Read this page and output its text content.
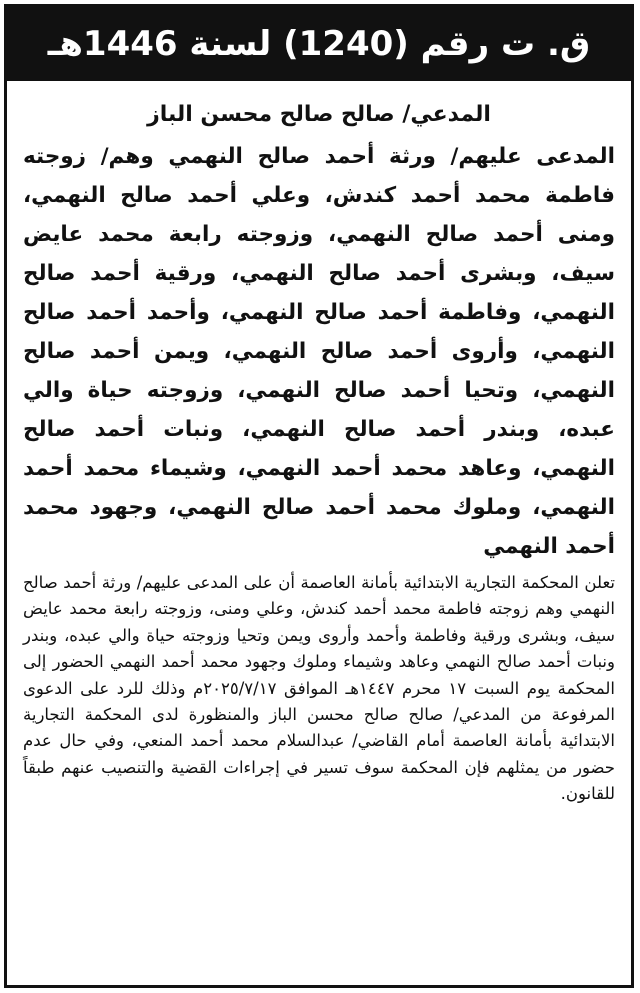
ق. ت رقم (1240) لسنة 1446هـ
المدعي/ صالح صالح محسن الباز
المدعى عليهم/ ورثة أحمد صالح النهمي وهم/ زوجته فاطمة محمد أحمد كندش، وعلي أحمد صالح النهمي، ومنى أحمد صالح النهمي، وزوجته رابعة محمد عايض سيف، وبشرى أحمد صالح النهمي، ورقية أحمد صالح النهمي، وفاطمة أحمد صالح النهمي، وأحمد أحمد صالح النهمي، وأروى أحمد صالح النهمي، ويمن أحمد صالح النهمي، وتحيا أحمد صالح النهمي، وزوجته حياة والي عبده، وبندر أحمد صالح النهمي، ونبات أحمد صالح النهمي، وعاهد محمد أحمد النهمي، وشيماء محمد أحمد النهمي، وملوك محمد أحمد صالح النهمي، وجهود محمد أحمد النهمي
تعلن المحكمة التجارية الابتدائية بأمانة العاصمة أن على المدعى عليهم/ ورثة أحمد صالح النهمي وهم زوجته فاطمة محمد أحمد كندش، وعلي ومنى، وزوجته رابعة محمد عايض سيف، وبشرى ورقية وفاطمة وأحمد وأروى ويمن وتحيا وزوجته حياة والي عبده، وبندر ونبات أحمد صالح النهمي وعاهد وشيماء وملوك وجهود محمد أحمد النهمي الحضور إلى المحكمة يوم السبت ١٧ محرم ١٤٤٧هـ الموافق ٢٠٢٥/٧/١٧م وذلك للرد على الدعوى المرفوعة من المدعي/ صالح صالح محسن الباز والمنظورة لدى المحكمة التجارية الابتدائية بأمانة العاصمة أمام القاضي/ عبدالسلام محمد أحمد المنعي، وفي حال عدم حضور من يمثلهم فإن المحكمة سوف تسير في إجراءات القضية والتنصيب عنهم طبقاً للقانون.
